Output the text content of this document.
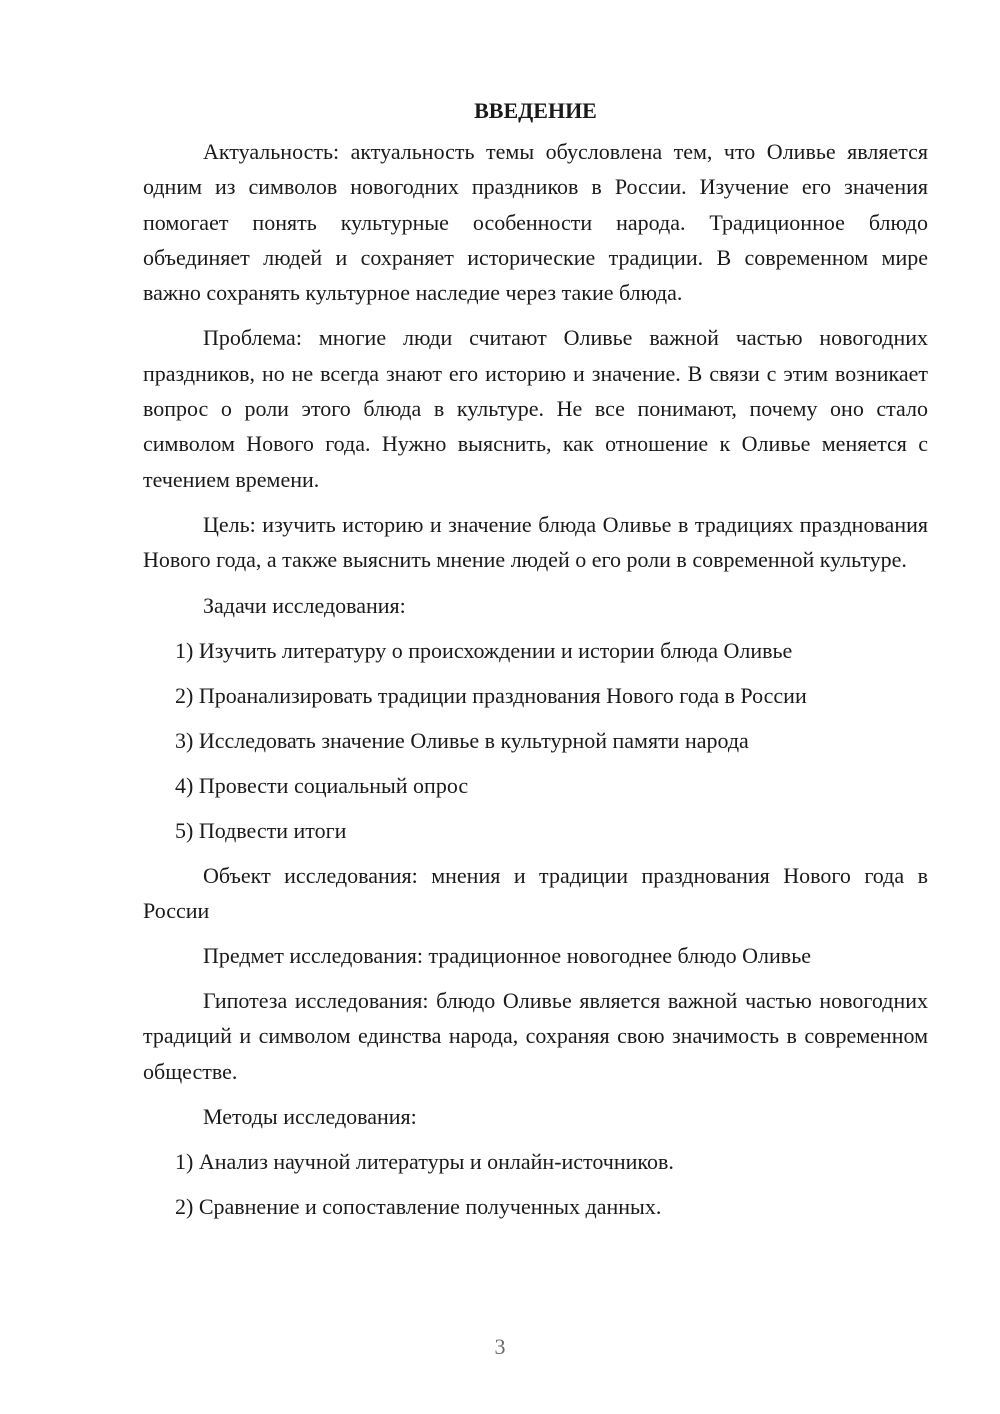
ВВЕДЕНИЕ
Актуальность: актуальность темы обусловлена тем, что Оливье является одним из символов новогодних праздников в России. Изучение его значения помогает понять культурные особенности народа. Традиционное блюдо объединяет людей и сохраняет исторические традиции. В современном мире важно сохранять культурное наследие через такие блюда.
Проблема: многие люди считают Оливье важной частью новогодних праздников, но не всегда знают его историю и значение. В связи с этим возникает вопрос о роли этого блюда в культуре. Не все понимают, почему оно стало символом Нового года. Нужно выяснить, как отношение к Оливье меняется с течением времени.
Цель: изучить историю и значение блюда Оливье в традициях празднования Нового года, а также выяснить мнение людей о его роли в современной культуре.
Задачи исследования:
1) Изучить литературу о происхождении и истории блюда Оливье
2) Проанализировать традиции празднования Нового года в России
3) Исследовать значение Оливье в культурной памяти народа
4) Провести социальный опрос
5) Подвести итоги
Объект исследования: мнения и традиции празднования Нового года в России
Предмет исследования: традиционное новогоднее блюдо Оливье
Гипотеза исследования: блюдо Оливье является важной частью новогодних традиций и символом единства народа, сохраняя свою значимость в современном обществе.
Методы исследования:
1) Анализ научной литературы и онлайн-источников.
2) Сравнение и сопоставление полученных данных.
3
